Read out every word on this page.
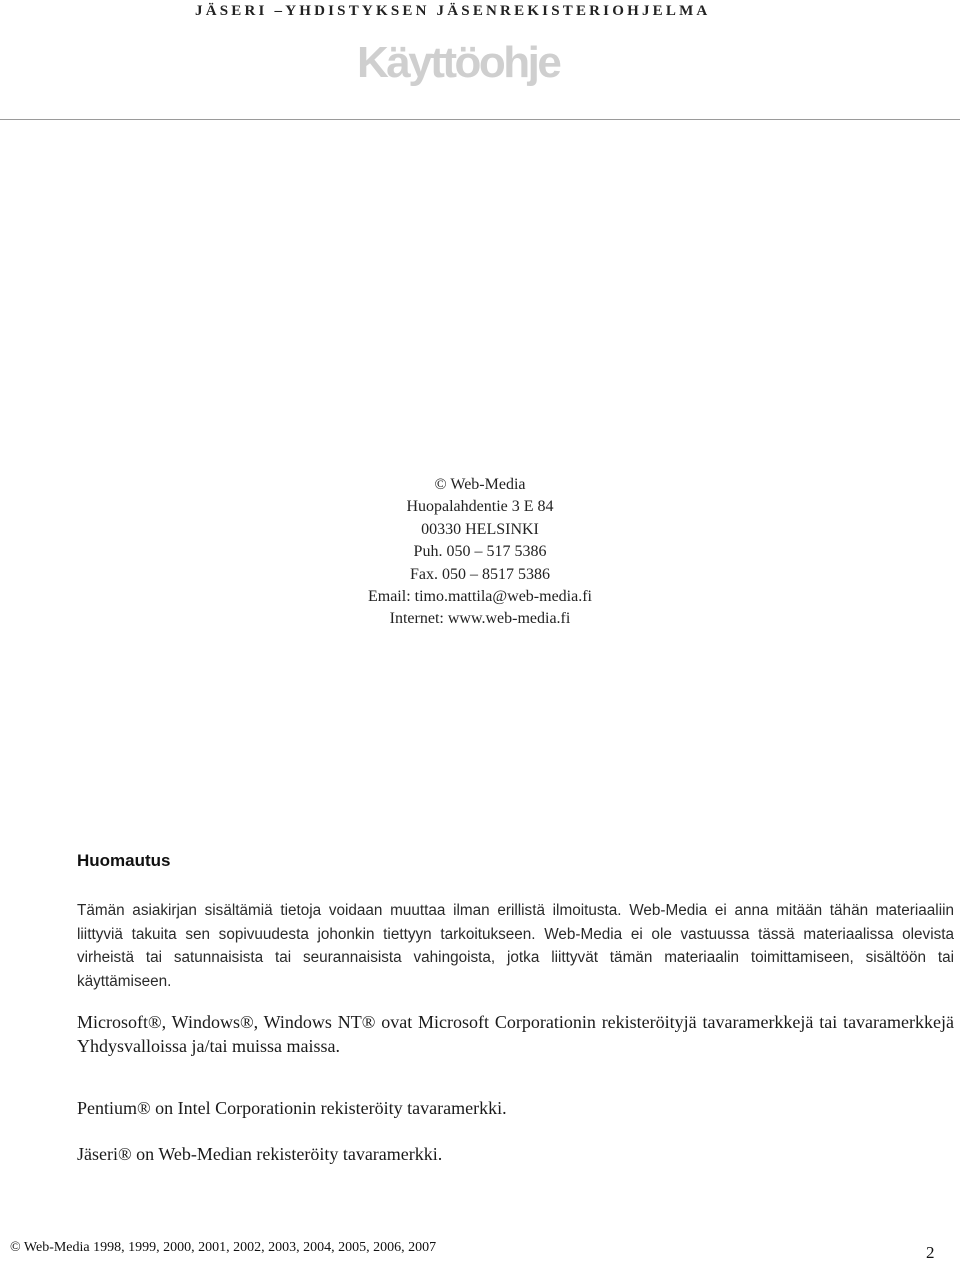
JÄSERI –YHDISTYKSEN JÄSENREKISTERIOHJELMA
Käyttöohje
© Web-Media
Huopalahdentie 3 E 84
00330 HELSINKI
Puh. 050 – 517 5386
Fax. 050 – 8517 5386
Email: timo.mattila@web-media.fi
Internet: www.web-media.fi
Huomautus

Tämän asiakirjan sisältämiä tietoja voidaan muuttaa ilman erillistä ilmoitusta. Web-Media ei anna mitään tähän materiaaliin liittyviä takuita sen sopivuudesta johonkin tiettyyn tarkoitukseen. Web-Media ei ole vastuussa tässä materiaalissa olevista virheistä tai satunnaisista tai seurannaisista vahingoista, jotka liittyvät tämän materiaalin toimittamiseen, sisältöön tai käyttämiseen.

Microsoft®, Windows®, Windows NT® ovat Microsoft Corporationin rekisteröityjä tavaramerkkejä tai tavaramerkkejä Yhdysvalloissa ja/tai muissa maissa.

Pentium® on Intel Corporationin rekisteröity tavaramerkki.

Jäseri® on Web-Median rekisteröity tavaramerkki.

© Web-Media 1998, 1999, 2000, 2001, 2002, 2003, 2004, 2005, 2006, 2007	2
